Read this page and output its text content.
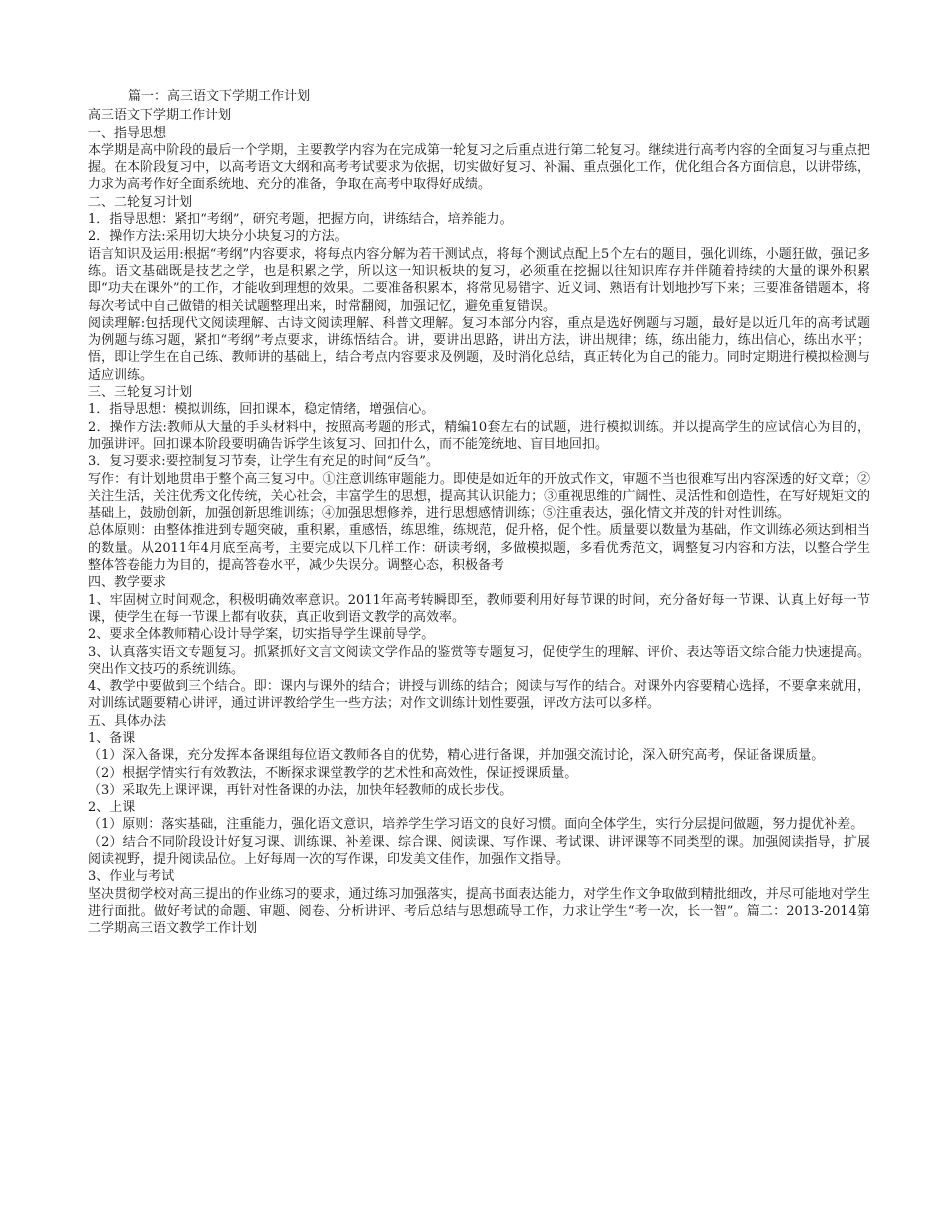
篇一：高三语文下学期工作计划

高三语文下学期工作计划

一、指导思想

本学期是高中阶段的最后一个学期，主要教学内容为在完成第一轮复习之后重点进行第二轮复习。继续进行高考内容的全面复习与重点把握。在本阶段复习中，以高考语文大纲和高考考试要求为依据，切实做好复习、补漏、重点强化工作，优化组合各方面信息，以讲带练，力求为高考作好全面系统地、充分的准备，争取在高考中取得好成绩。

二、二轮复习计划

1．指导思想：紧扣“考纲”，研究考题，把握方向，讲练结合，培养能力。

2．操作方法:采用切大块分小块复习的方法。

语言知识及运用:根据“考纲”内容要求，将每点内容分解为若干测试点，将每个测试点配上5个左右的题目，强化训练，小题狂做，强记多练。语文基础既是技艺之学，也是积累之学，所以这一知识板块的复习，必须重在挖掘以往知识库存并伴随着持续的大量的课外积累即“功夫在课外”的工作，才能收到理想的效果。二要准备积累本，将常见易错字、近义词、熟语有计划地抄写下来；三要准备错题本，将每次考试中自己做错的相关试题整理出来，时常翻阅，加强记忆，避免重复错误。

阅读理解:包括现代文阅读理解、古诗文阅读理解、科普文理解。复习本部分内容，重点是选好例题与习题，最好是以近几年的高考试题为例题与练习题，紧扣“考纲”考点要求，讲练悟结合。讲，要讲出思路，讲出方法，讲出规律；练，练出能力，练出信心，练出水平；悟，即让学生在自己练、教师讲的基础上，结合考点内容要求及例题，及时消化总结，真正转化为自己的能力。同时定期进行模拟检测与适应训练。

三、三轮复习计划

1．指导思想：模拟训练，回扣课本，稳定情绪，增强信心。

2．操作方法:教师从大量的手头材料中，按照高考题的形式，精编10套左右的试题，进行模拟训练。并以提高学生的应试信心为目的，加强讲评。回扣课本阶段要明确告诉学生该复习、回扣什么，而不能笼统地、盲目地回扣。

3．复习要求:要控制复习节奏，让学生有充足的时间“反刍”。

写作：有计划地贯串于整个高三复习中。①注意训练审题能力。即使是如近年的开放式作文，审题不当也很难写出内容深透的好文章；②关注生活，关注优秀文化传统，关心社会，丰富学生的思想，提高其认识能力；③重视思维的广阔性、灵活性和创造性，在写好规矩文的基础上，鼓励创新，加强创新思维训练；④加强思想修养，进行思想感情训练；⑤注重表达，强化情文并茂的针对性训练。

总体原则：由整体推进到专题突破，重积累，重感悟，练思维，练规范，促升格，促个性。质量要以数量为基础，作文训练必须达到相当的数量。从2011年4月底至高考，主要完成以下几样工作：研读考纲，多做模拟题，多看优秀范文，调整复习内容和方法，以整合学生整体答卷能力为目的，提高答卷水平，减少失误分。调整心态，积极备考

四、教学要求

1、牢固树立时间观念，积极明确效率意识。2011年高考转瞬即至，教师要利用好每节课的时间，充分备好每一节课、认真上好每一节课，使学生在每一节课上都有收获，真正收到语文教学的高效率。

2、要求全体教师精心设计导学案，切实指导学生课前导学。

3、认真落实语文专题复习。抓紧抓好文言文阅读文学作品的鉴赏等专题复习，促使学生的理解、评价、表达等语文综合能力快速提高。突出作文技巧的系统训练。

4、教学中要做到三个结合。即：课内与课外的结合；讲授与训练的结合；阅读与写作的结合。对课外内容要精心选择，不要拿来就用，对训练试题要精心讲评，通过讲评教给学生一些方法；对作文训练计划性要强，评改方法可以多样。

五、具体办法

1、备课

（1）深入备课，充分发挥本备课组每位语文教师各自的优势，精心进行备课，并加强交流讨论，深入研究高考，保证备课质量。

（2）根据学情实行有效教法，不断探求课堂教学的艺术性和高效性，保证授课质量。

（3）采取先上课评课，再针对性备课的办法，加快年轻教师的成长步伐。

2、上课

（1）原则：落实基础，注重能力，强化语文意识，培养学生学习语文的良好习惯。面向全体学生，实行分层提问做题，努力提优补差。

（2）结合不同阶段设计好复习课、训练课、补差课、综合课、阅读课、写作课、考试课、讲评课等不同类型的课。加强阅读指导，扩展阅读视野，提升阅读品位。上好每周一次的写作课，印发美文佳作，加强作文指导。

3、作业与考试

坚决贯彻学校对高三提出的作业练习的要求，通过练习加强落实，提高书面表达能力，对学生作文争取做到精批细改，并尽可能地对学生进行面批。做好考试的命题、审题、阅卷、分析讲评、考后总结与思想疏导工作，力求让学生“考一次，长一智”。篇二：2013-2014第二学期高三语文教学工作计划
